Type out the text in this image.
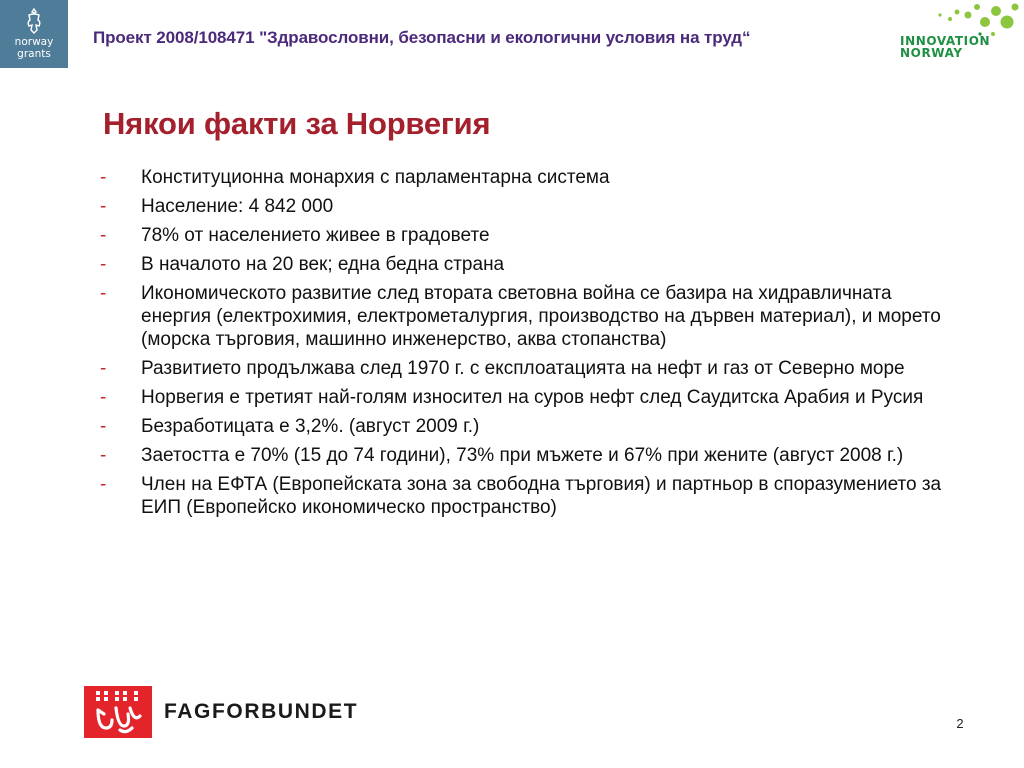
norway
grants
Проект 2008/108471 "Здравословни, безопасни и екологични условия на труд“	INNOVATION
NORWAY
Някои факти за Норвегия
- Конституционна монархия с парламентарна система
- Население: 4 842 000
- 78% от населението живее в градовете
- В началото на 20 век; една бедна страна
- Икономическото развитие след втората световна война се базира на хидравличната енергия (електрохимия, електрометалургия, производство на дървен материал), и морето (морска търговия, машинно инженерство, аква стопанства)
- Развитието продължава след 1970 г. с експлоатацията на нефт и газ от Северно море
- Норвегия е третият най-голям износител на суров нефт след Саудитска Арабия и Русия
- Безработицата е 3,2%. (август 2009 г.)
- Заетостта е 70% (15 до 74 години), 73% при мъжете и 67% при жените (август 2008 г.)
- Член на ЕФТА (Европейската зона за свободна търговия) и партньор в споразумението за ЕИП (Европейско икономическо пространство)
FAGFORBUNDET
2
